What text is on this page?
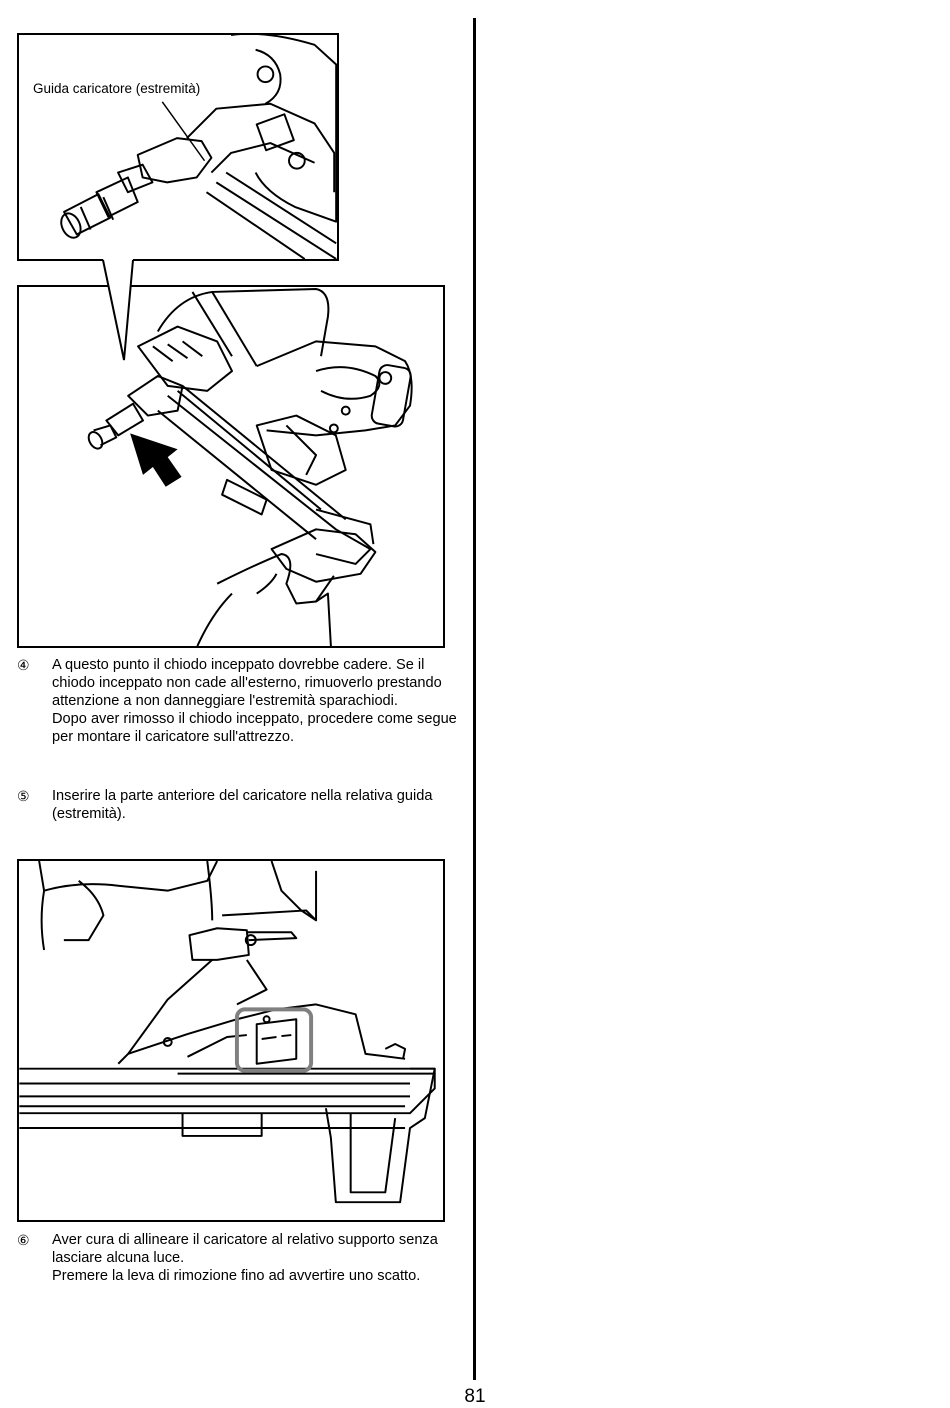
Guida caricatore (estremità)
④	A questo punto il chiodo inceppato dovrebbe cadere. Se il chiodo inceppato non cade all'esterno, rimuoverlo prestando attenzione a non danneggiare l'estremità sparachiodi.

Dopo aver rimosso il chiodo inceppato, procedere come segue per montare il caricatore sull'attrezzo.

⑤	Inserire la parte anteriore del caricatore nella relativa guida (estremità).

⑥	Aver cura di allineare il caricatore al relativo supporto senza lasciare alcuna luce.

Premere la leva di rimozione fino ad avvertire uno scatto.

81
